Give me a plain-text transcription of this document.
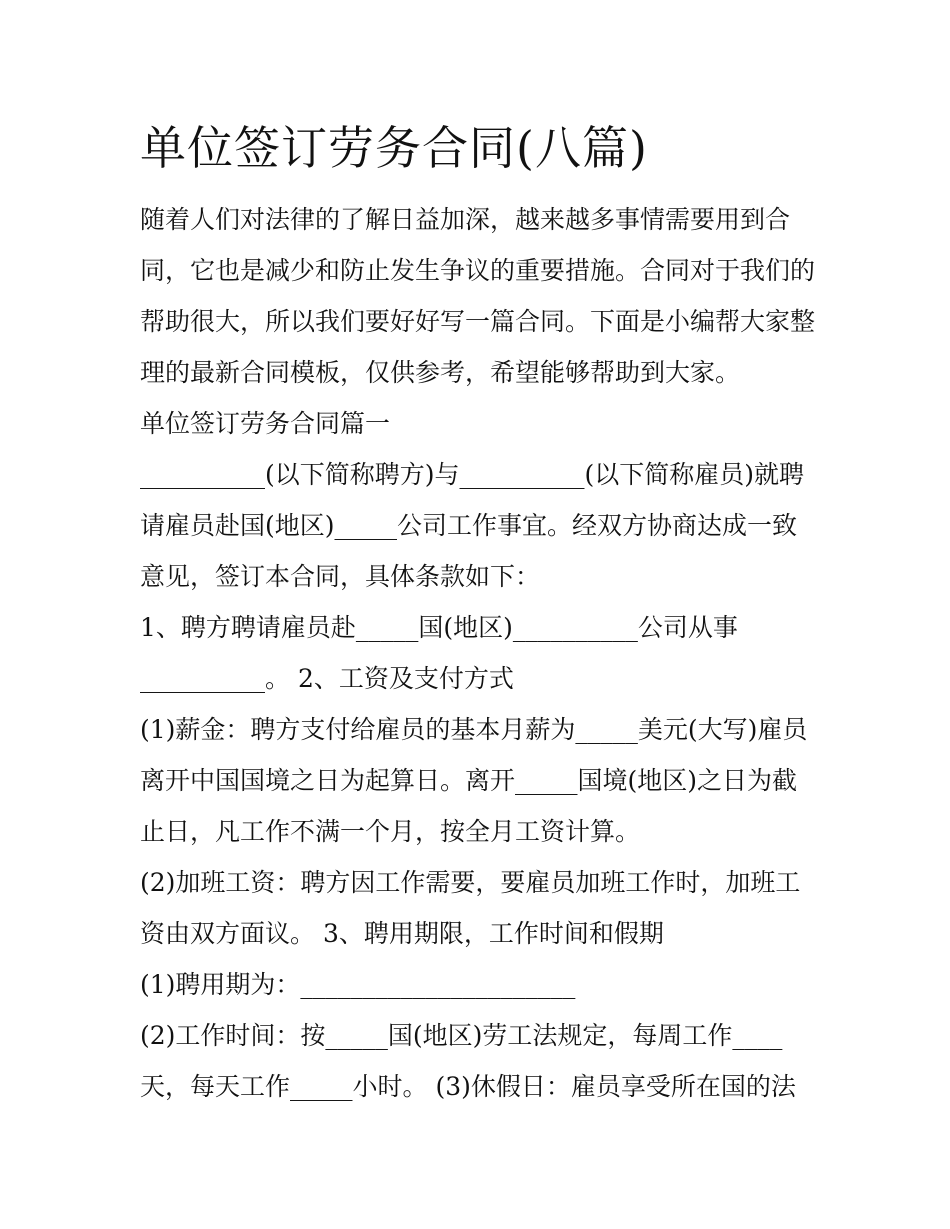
单位签订劳务合同(八篇)

随着人们对法律的了解日益加深，越来越多事情需要用到合

同，它也是减少和防止发生争议的重要措施。合同对于我们的

帮助很大，所以我们要好好写一篇合同。下面是小编帮大家整

理的最新合同模板，仅供参考，希望能够帮助到大家。

单位签订劳务合同篇一

__________(以下简称聘方)与__________(以下简称雇员)就聘

请雇员赴国(地区)_____公司工作事宜。经双方协商达成一致

意见，签订本合同，具体条款如下：

1、聘方聘请雇员赴_____国(地区)__________公司从事

__________。 2、工资及支付方式

(1)薪金：聘方支付给雇员的基本月薪为_____美元(大写)雇员

离开中国国境之日为起算日。离开_____国境(地区)之日为截

止日，凡工作不满一个月，按全月工资计算。

(2)加班工资：聘方因工作需要，要雇员加班工作时，加班工

资由双方面议。 3、聘用期限，工作时间和假期

(1)聘用期为：______________________

(2)工作时间：按_____国(地区)劳工法规定，每周工作____

天，每天工作_____小时。 (3)休假日：雇员享受所在国的法
